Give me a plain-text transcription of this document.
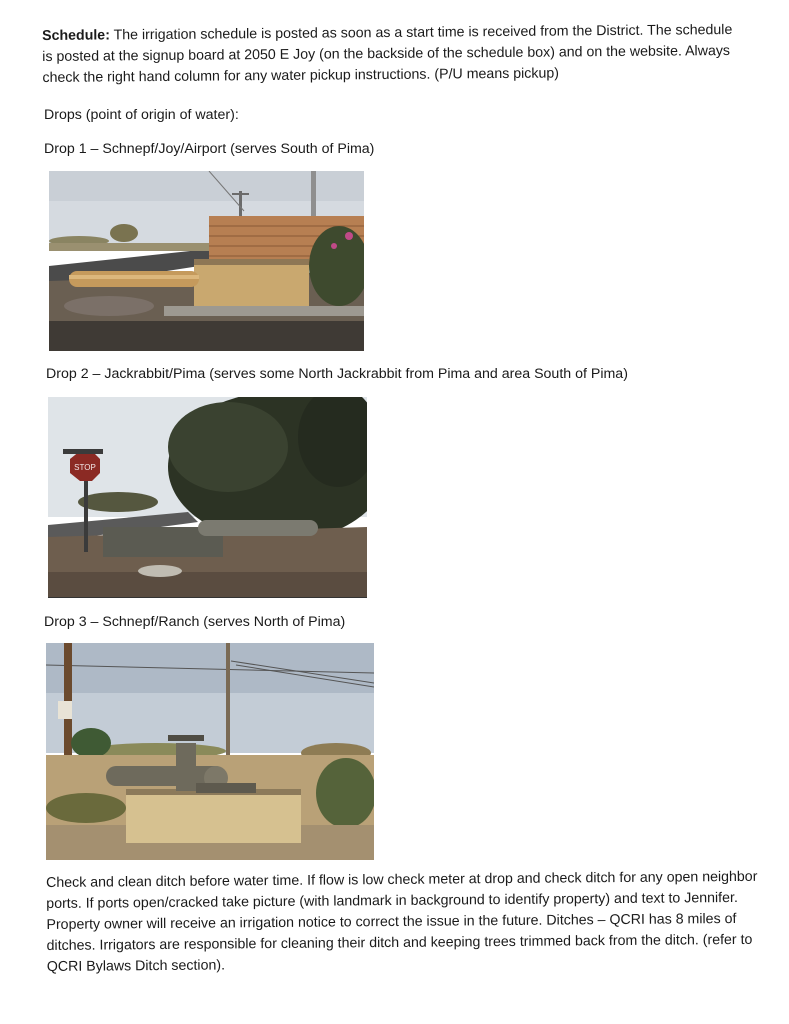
Schedule: The irrigation schedule is posted as soon as a start time is received from the District. The schedule is posted at the signup board at 2050 E Joy (on the backside of the schedule box) and on the website. Always check the right hand column for any water pickup instructions. (P/U means pickup)
Drops (point of origin of water):
Drop 1 – Schnepf/Joy/Airport (serves South of Pima)
Drop 2 – Jackrabbit/Pima (serves some North Jackrabbit from Pima and area South of Pima)
STOP
Drop 3 – Schnepf/Ranch (serves North of Pima)
Check and clean ditch before water time. If flow is low check meter at drop and check ditch for any open neighbor ports. If ports open/cracked take picture (with landmark in background to identify property) and text to Jennifer. Property owner will receive an irrigation notice to correct the issue in the future. Ditches – QCRI has 8 miles of ditches. Irrigators are responsible for cleaning their ditch and keeping trees trimmed back from the ditch. (refer to QCRI Bylaws Ditch section).
